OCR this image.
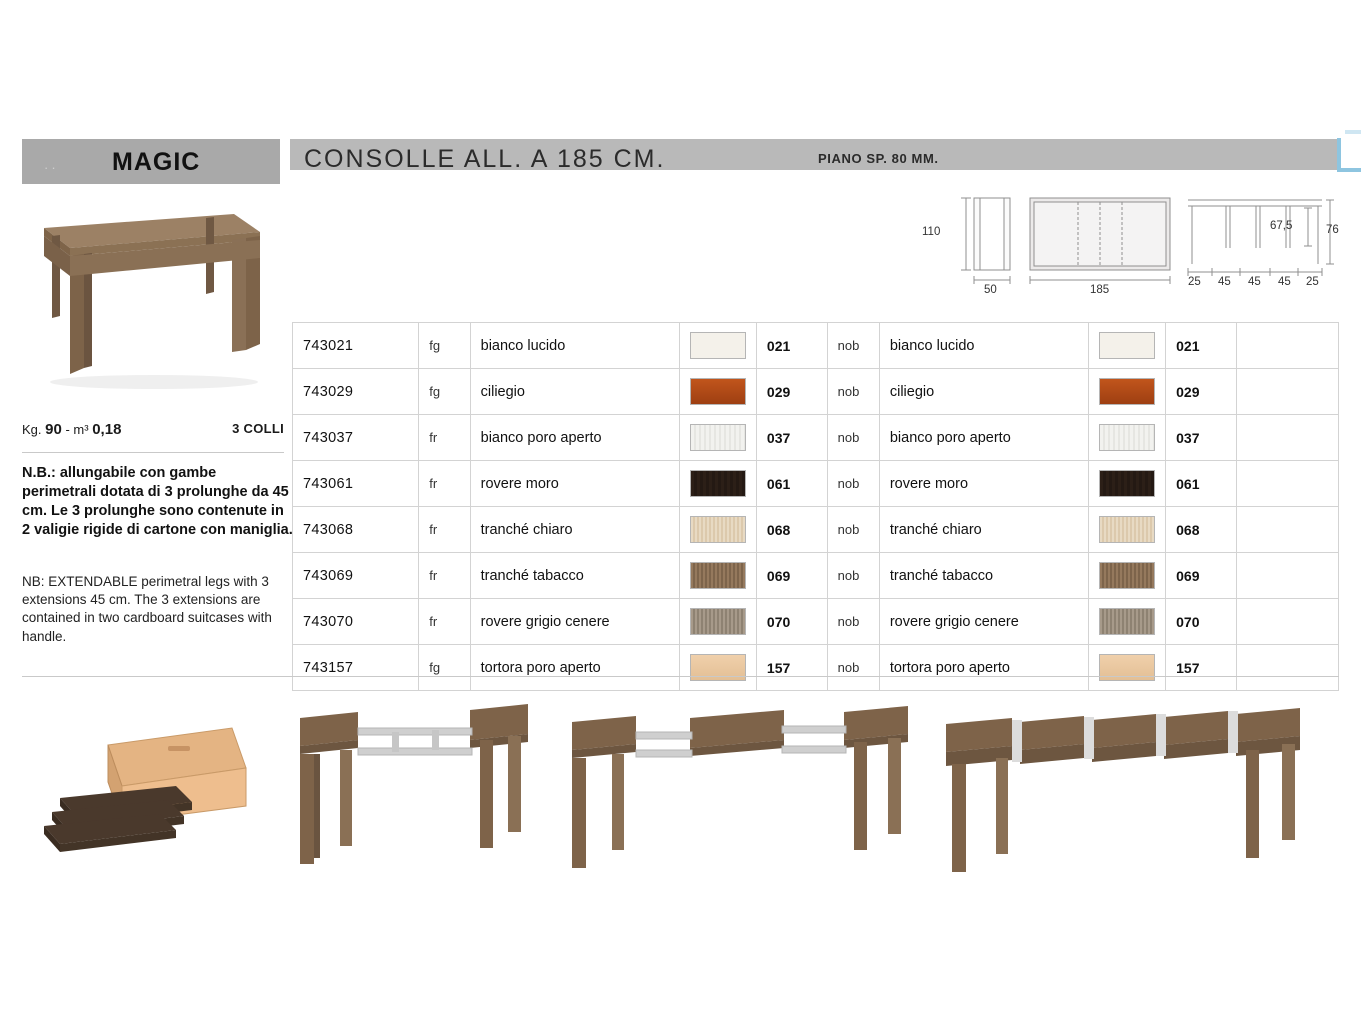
·· MAGIC	CONSOLLE ALL. A 185 CM.	PIANO SP. 80 MM.
Kg. 90 - m³ 0,18	3 COLLI
N.B.: allungabile con gambe perimetrali dotata di 3 prolunghe da 45 cm. Le 3 prolunghe sono contenute in 2 valigie rigide di cartone con maniglia.
NB: EXTENDABLE perimetral legs with 3 extensions 45 cm. The 3 extensions are contained in two cardboard suitcases with handle.
110
50	185
76
67,5
25 45 45 45 25
743021	fg	bianco lucido		021	nob	bianco lucido		021	
743029	fg	ciliegio		029	nob	ciliegio		029	
743037	fr	bianco poro aperto		037	nob	bianco poro aperto		037	
743061	fr	rovere moro		061	nob	rovere moro		061	
743068	fr	tranché chiaro		068	nob	tranché chiaro		068	
743069	fr	tranché tabacco		069	nob	tranché tabacco		069	
743070	fr	rovere grigio cenere		070	nob	rovere grigio cenere		070	
743157	fg	tortora poro aperto		157	nob	tortora poro aperto		157	
